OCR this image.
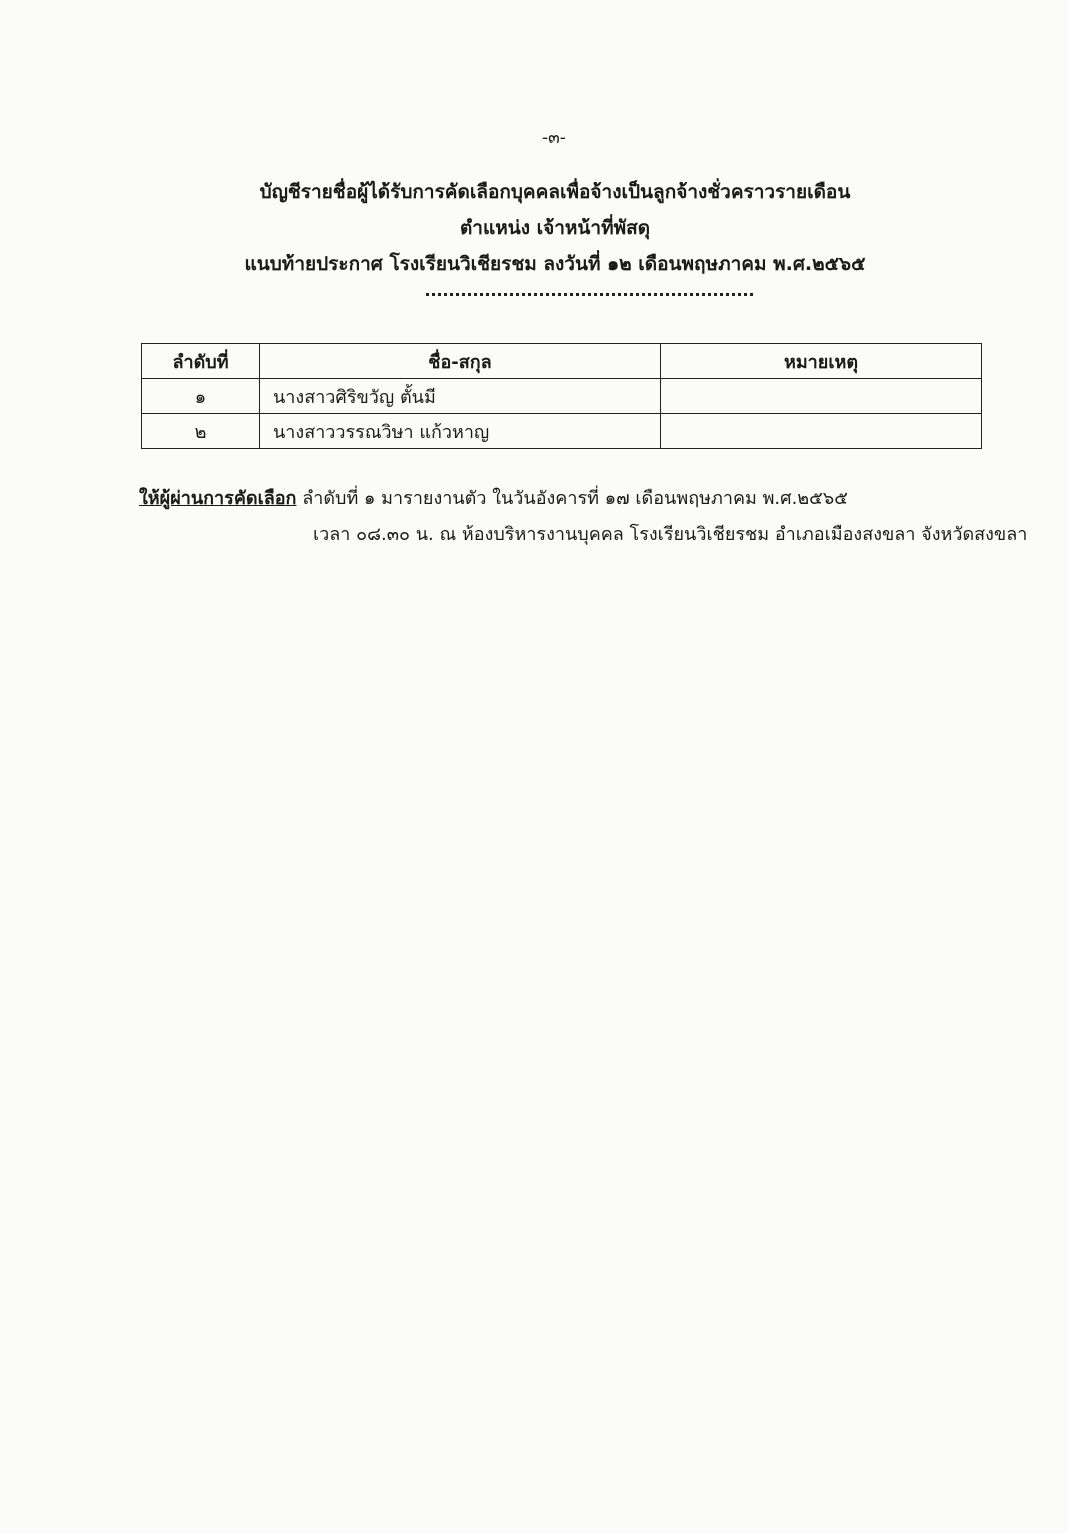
-๓-
บัญชีรายชื่อผู้ได้รับการคัดเลือกบุคคลเพื่อจ้างเป็นลูกจ้างชั่วคราวรายเดือน
ตำแหน่ง เจ้าหน้าที่พัสดุ
แนบท้ายประกาศ โรงเรียนวิเชียรชม ลงวันที่ ๑๒ เดือนพฤษภาคม พ.ศ.๒๕๖๕
ลำดับที่	ชื่อ-สกุล	หมายเหตุ
๑	นางสาวศิริขวัญ ตั้นมี	
๒	นางสาววรรณวิษา แก้วหาญ	
ให้ผู้ผ่านการคัดเลือก ลำดับที่ ๑ มารายงานตัว ในวันอังคารที่ ๑๗ เดือนพฤษภาคม พ.ศ.๒๕๖๕
เวลา ๐๘.๓๐ น. ณ ห้องบริหารงานบุคคล โรงเรียนวิเชียรชม อำเภอเมืองสงขลา จังหวัดสงขลา
